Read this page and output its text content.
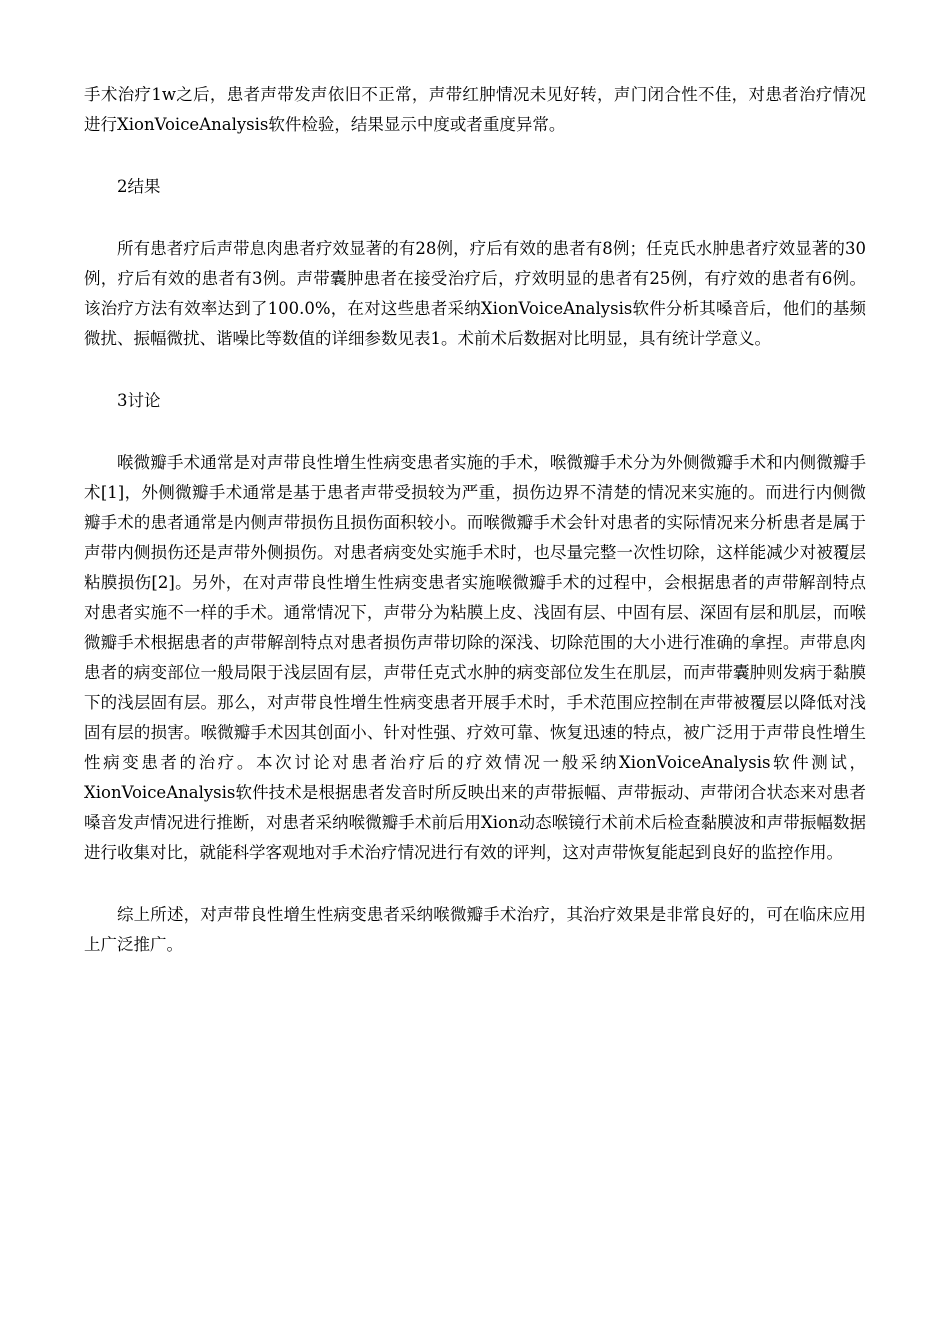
手术治疗1w之后，患者声带发声依旧不正常，声带红肿情况未见好转，声门闭合性不佳，对患者治疗情况进行XionVoiceAnalysis软件检验，结果显示中度或者重度异常。

2结果

所有患者疗后声带息肉患者疗效显著的有28例，疗后有效的患者有8例；任克氏水肿患者疗效显著的30例，疗后有效的患者有3例。声带囊肿患者在接受治疗后，疗效明显的患者有25例，有疗效的患者有6例。该治疗方法有效率达到了100.0%，在对这些患者采纳XionVoiceAnalysis软件分析其嗓音后，他们的基频微扰、振幅微扰、谐噪比等数值的详细参数见表1。术前术后数据对比明显，具有统计学意义。

3讨论

喉微瓣手术通常是对声带良性增生性病变患者实施的手术，喉微瓣手术分为外侧微瓣手术和内侧微瓣手术[1]，外侧微瓣手术通常是基于患者声带受损较为严重，损伤边界不清楚的情况来实施的。而进行内侧微瓣手术的患者通常是内侧声带损伤且损伤面积较小。而喉微瓣手术会针对患者的实际情况来分析患者是属于声带内侧损伤还是声带外侧损伤。对患者病变处实施手术时，也尽量完整一次性切除，这样能减少对被覆层粘膜损伤[2]。另外，在对声带良性增生性病变患者实施喉微瓣手术的过程中，会根据患者的声带解剖特点对患者实施不一样的手术。通常情况下，声带分为粘膜上皮、浅固有层、中固有层、深固有层和肌层，而喉微瓣手术根据患者的声带解剖特点对患者损伤声带切除的深浅、切除范围的大小进行准确的拿捏。声带息肉患者的病变部位一般局限于浅层固有层，声带任克式水肿的病变部位发生在肌层，而声带囊肿则发病于黏膜下的浅层固有层。那么，对声带良性增生性病变患者开展手术时，手术范围应控制在声带被覆层以降低对浅固有层的损害。喉微瓣手术因其创面小、针对性强、疗效可靠、恢复迅速的特点，被广泛用于声带良性增生性病变患者的治疗。本次讨论对患者治疗后的疗效情况一般采纳XionVoiceAnalysis软件测试，XionVoiceAnalysis软件技术是根据患者发音时所反映出来的声带振幅、声带振动、声带闭合状态来对患者嗓音发声情况进行推断，对患者采纳喉微瓣手术前后用Xion动态喉镜行术前术后检查黏膜波和声带振幅数据进行收集对比，就能科学客观地对手术治疗情况进行有效的评判，这对声带恢复能起到良好的监控作用。

综上所述，对声带良性增生性病变患者采纳喉微瓣手术治疗，其治疗效果是非常良好的，可在临床应用上广泛推广。
